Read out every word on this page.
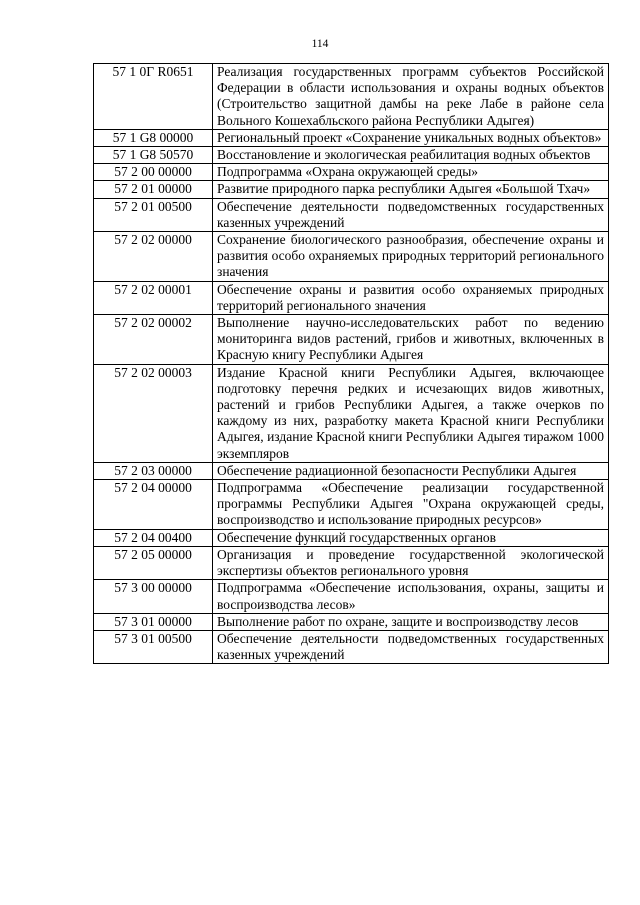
114
57 1 0Г R0651	Реализация государственных программ субъектов Российской Федерации в области использования и охраны водных объектов (Строительство защитной дамбы на реке Лабе в районе села Вольного Кошехабльского района Республики Адыгея)
57 1 G8 00000	Региональный проект «Сохранение уникальных водных объектов»
57 1 G8 50570	Восстановление и экологическая реабилитация водных объектов
57 2 00 00000	Подпрограмма «Охрана окружающей среды»
57 2 01 00000	Развитие природного парка республики Адыгея «Большой Тхач»
57 2 01 00500	Обеспечение деятельности подведомственных государственных казенных учреждений
57 2 02 00000	Сохранение биологического разнообразия, обеспечение охраны и развития особо охраняемых природных территорий регионального значения
57 2 02 00001	Обеспечение охраны и развития особо охраняемых природных территорий регионального значения
57 2 02 00002	Выполнение научно-исследовательских работ по ведению мониторинга видов растений, грибов и животных, включенных в Красную книгу Республики Адыгея
57 2 02 00003	Издание Красной книги Республики Адыгея, включающее подготовку перечня редких и исчезающих видов животных, растений и грибов Республики Адыгея, а также очерков по каждому из них, разработку макета Красной книги Республики Адыгея, издание Красной книги Республики Адыгея тиражом 1000 экземпляров
57 2 03 00000	Обеспечение радиационной безопасности Республики Адыгея
57 2 04 00000	Подпрограмма «Обеспечение реализации государственной программы Республики Адыгея "Охрана окружающей среды, воспроизводство и использование природных ресурсов»
57 2 04 00400	Обеспечение функций государственных органов
57 2 05 00000	Организация и проведение государственной экологической экспертизы объектов регионального уровня
57 3 00 00000	Подпрограмма «Обеспечение использования, охраны, защиты и воспроизводства лесов»
57 3 01 00000	Выполнение работ по охране, защите и воспроизводству лесов
57 3 01 00500	Обеспечение деятельности подведомственных государственных казенных учреждений
